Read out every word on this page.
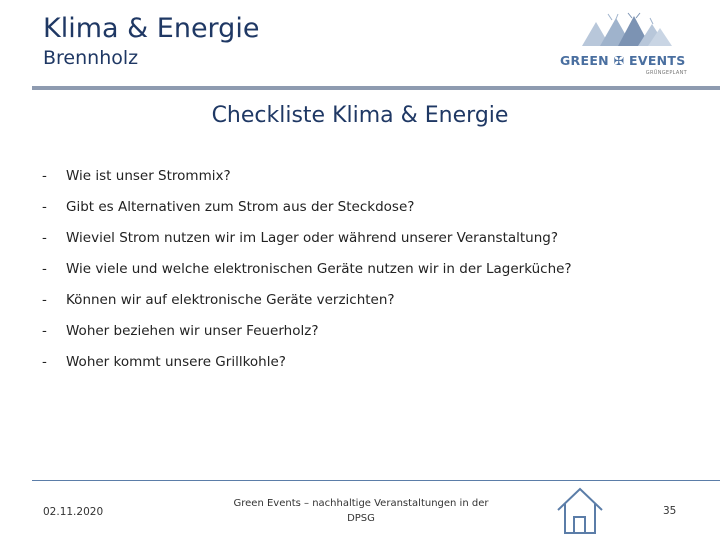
Klima & Energie
Brennholz	GREEN ✠ EVENTS
GRÜNGEPLANT
Checkliste Klima & Energie
-	Wie ist unser Strommix?
-	Gibt es Alternativen zum Strom aus der Steckdose?
-	Wieviel Strom nutzen wir im Lager oder während unserer Veranstaltung?
-	Wie viele und welche elektronischen Geräte nutzen wir in der Lagerküche?
-	Können wir auf elektronische Geräte verzichten?
-	Woher beziehen wir unser Feuerholz?
-	Woher kommt unsere Grillkohle?
02.11.2020
Green Events – nachhaltige Veranstaltungen in der
DPSG
35
